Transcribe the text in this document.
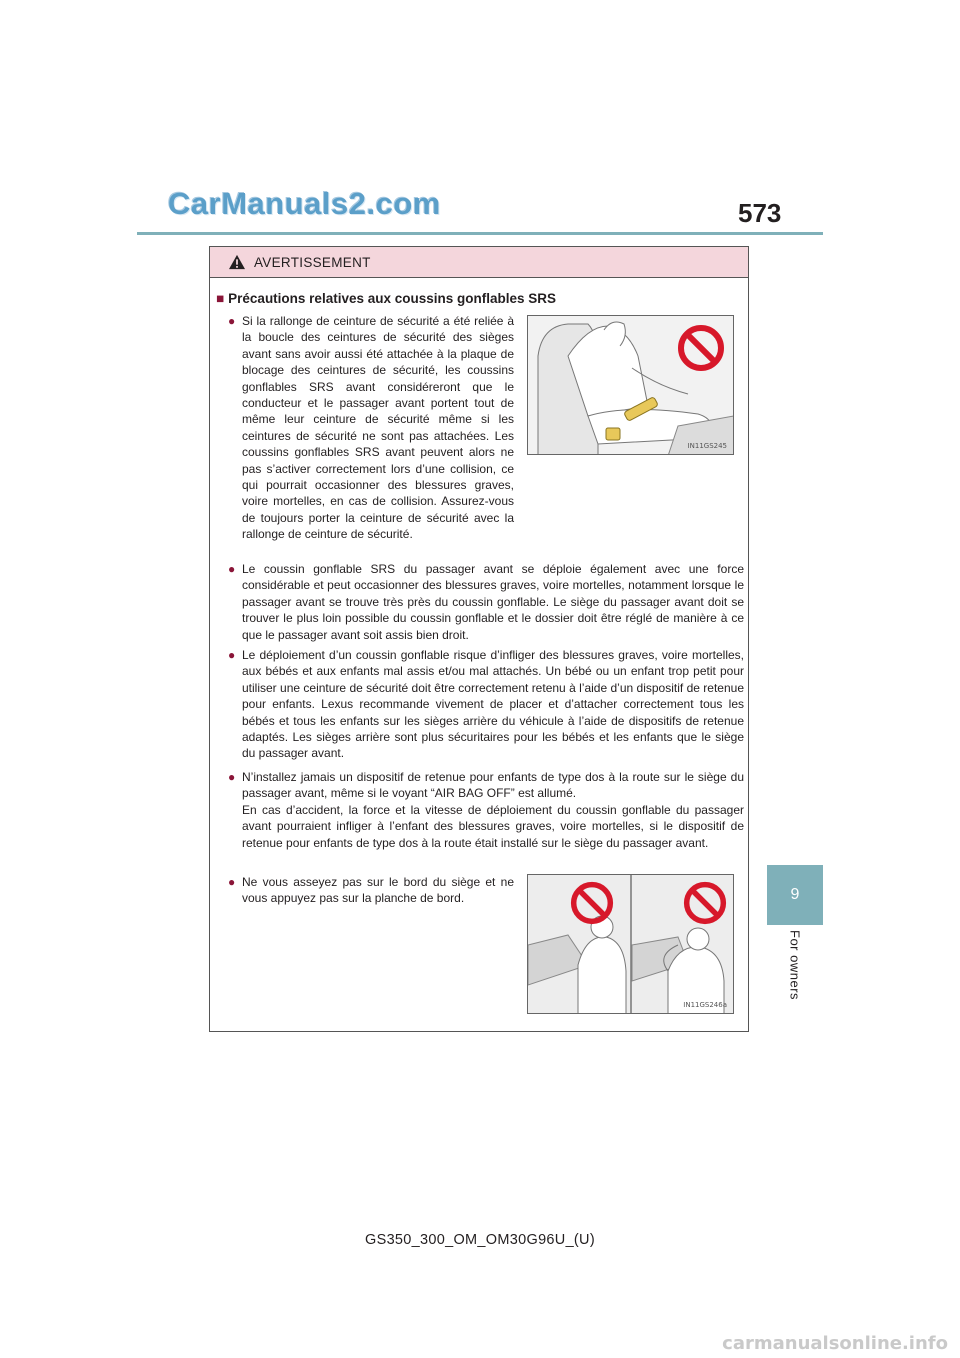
CarManuals2.com	573
9
For owners
AVERTISSEMENT
■ Précautions relatives aux coussins gonflables SRS
● Si la rallonge de ceinture de sécurité a été reliée à la boucle des ceintures de sécurité des sièges avant sans avoir aussi été attachée à la plaque de blocage des ceintures de sécurité, les coussins gonflables SRS avant considéreront que le conducteur et le passager avant portent tout de même leur ceinture de sécurité même si les ceintures de sécurité ne sont pas attachées. Les coussins gonflables SRS avant peuvent alors ne pas s’activer correctement lors d’une collision, ce qui pourrait occasionner des blessures graves, voire mortelles, en cas de collision. Assurez-vous de toujours porter la ceinture de sécurité avec la rallonge de ceinture de sécurité.
IN11GS245
● Le coussin gonflable SRS du passager avant se déploie également avec une force considérable et peut occasionner des blessures graves, voire mortelles, notamment lorsque le passager avant se trouve très près du coussin gonflable. Le siège du passager avant doit se trouver le plus loin possible du coussin gonflable et le dossier doit être réglé de manière à ce que le passager avant soit assis bien droit.
● Le déploiement d’un coussin gonflable risque d’infliger des blessures graves, voire mortelles, aux bébés et aux enfants mal assis et/ou mal attachés. Un bébé ou un enfant trop petit pour utiliser une ceinture de sécurité doit être correctement retenu à l’aide d’un dispositif de retenue pour enfants. Lexus recommande vivement de placer et d’attacher correctement tous les bébés et tous les enfants sur les sièges arrière du véhicule à l’aide de dispositifs de retenue adaptés. Les sièges arrière sont plus sécuritaires pour les bébés et les enfants que le siège du passager avant.
● N’installez jamais un dispositif de retenue pour enfants de type dos à la route sur le siège du passager avant, même si le voyant “AIR BAG OFF” est allumé.
En cas d’accident, la force et la vitesse de déploiement du coussin gonflable du passager avant pourraient infliger à l’enfant des blessures graves, voire mortelles, si le dispositif de retenue pour enfants de type dos à la route était installé sur le siège du passager avant.
● Ne vous asseyez pas sur le bord du siège et ne vous appuyez pas sur la planche de bord.
IN11GS246a
GS350_300_OM_OM30G96U_(U)
carmanualsonline.info
